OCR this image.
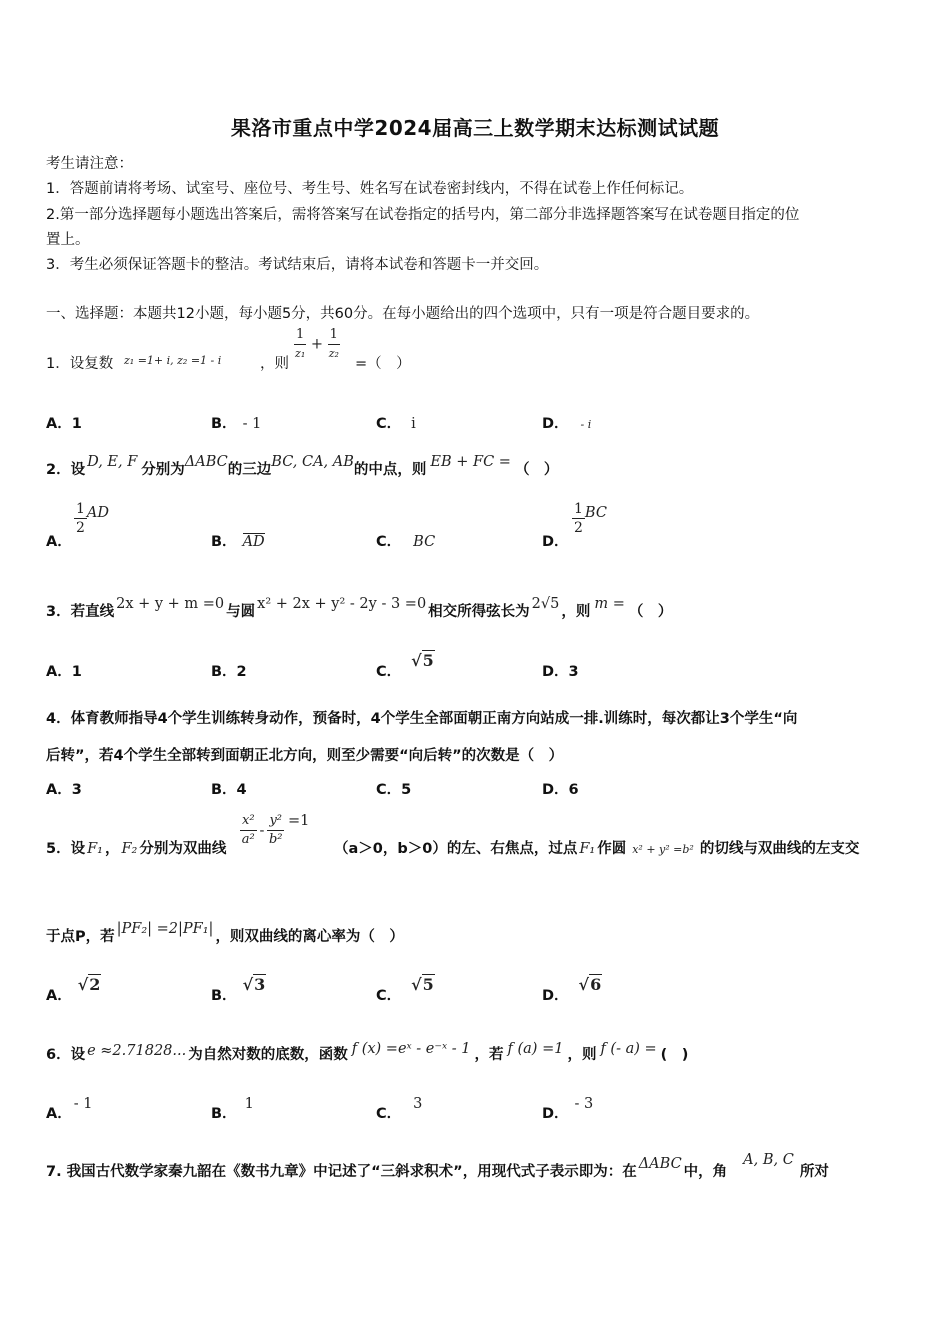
果洛市重点中学2024届高三上数学期末达标测试试题
考生请注意：
1．答题前请将考场、试室号、座位号、考生号、姓名写在试卷密封线内，不得在试卷上作任何标记。
2.第一部分选择题每小题选出答案后，需将答案写在试卷指定的括号内，第二部分非选择题答案写在试卷题目指定的位
置上。
3．考生必须保证答题卡的整洁。考试结束后，请将本试卷和答题卡一并交回。
一、选择题：本题共12小题，每小题5分，共60分。在每小题给出的四个选项中，只有一项是符合题目要求的。
1．设复数 z₁ =1+ i, z₂ =1 - i	，则
$\frac{1}{\text{z₁}} + \frac{1}{\text{z₂}}$
=（　）
A．1	B． - 1	C． i	D． - i
2．设 D, E, F 分别为ΔABC的三边BC, CA, AB的中点，则 EB + FC = （　）
A．
$\frac{1}{2}$ AD
B． AD	C． BC	D．
$\frac{1}{2}$ BC
3．若直线 2x + y + m =0 与圆 x² + 2x + y² - 2y - 3 =0 相交所得弦长为 2√5 ，则 m = （　）
A．1	B．2	C．√5
D．3
4．体育教师指导4个学生训练转身动作，预备时，4个学生全部面朝正南方向站成一排.训练时，每次都让3个学生“向
后转”，若4个学生全部转到面朝正北方向，则至少需要“向后转”的次数是（　）
A．3	B．4	C．5	D．6
5．设 F₁ ， F₂ 分别为双曲线 $\frac{\text{x²}}{\text{a²}} - \frac{\text{y²}}{\text{b²}} =1$
（a＞0，b＞0）的左、右焦点，过点 F₁ 作圆 x² + y² =b² 的切线与双曲线的左支交
于点P，若 |PF₂| =2|PF₁| ，则双曲线的离心率为（　）
A．√2
B．√3
C．√5
D．√6
6．设 e ≈2.71828... 为自然对数的底数，函数 f (x) =eˣ - e⁻ˣ - 1 ，若 f (a) =1 ，则 f (- a) = (　)
A．- 1
B．1
C．3
D．- 3
7. 我国古代数学家秦九韶在《数书九章》中记述了“三斜求积术”，用现代式子表示即为：在 ΔABC 中，角A, B, C所对
